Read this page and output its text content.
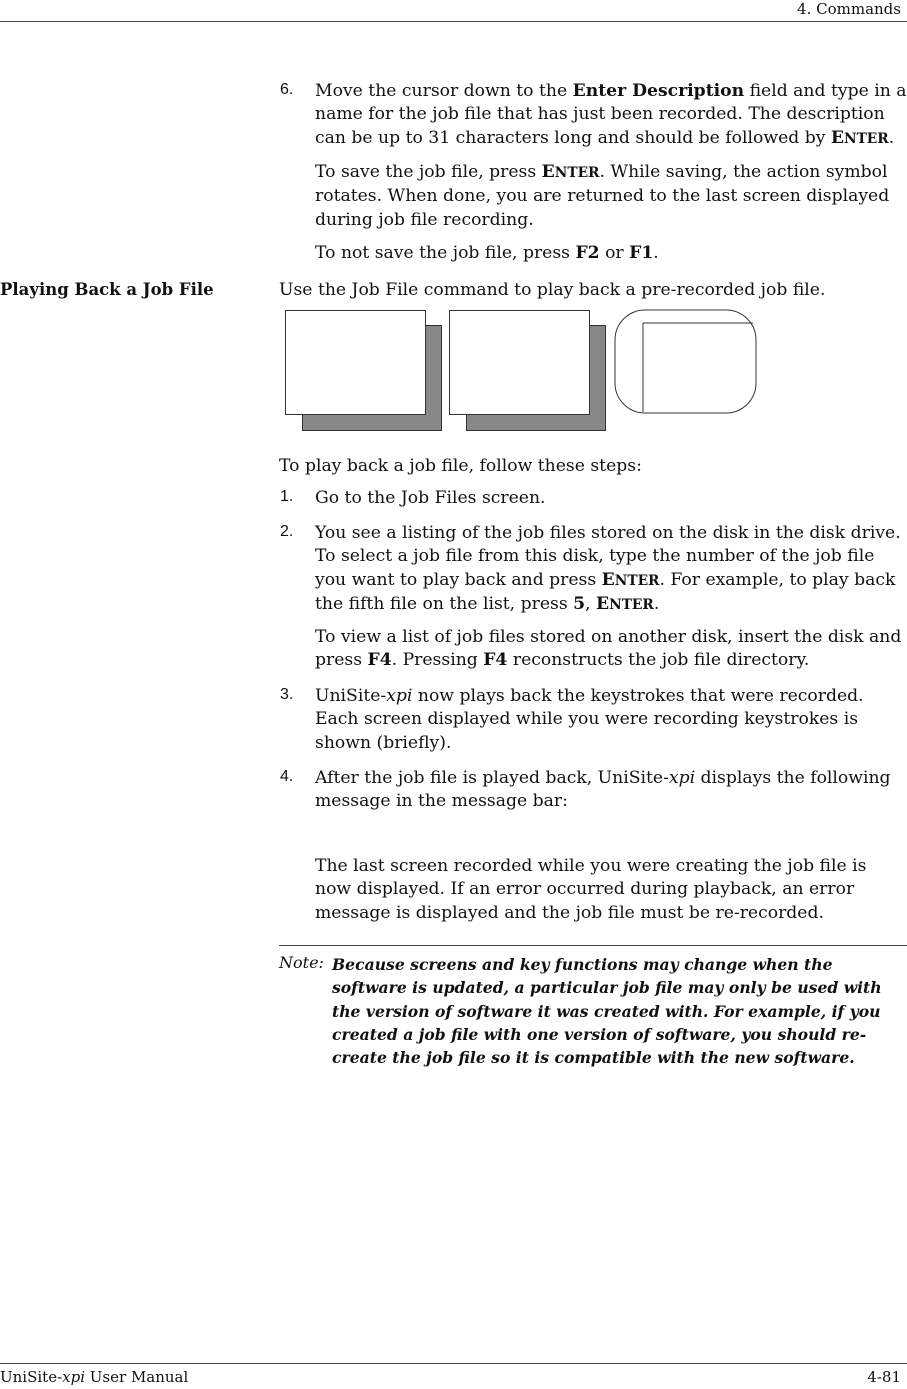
4. Commands
6.	Move the cursor down to the Enter Description field and type in a name for the job file that has just been recorded. The description can be up to 31 characters long and should be followed by ENTER.
To save the job file, press ENTER. While saving, the action symbol rotates. When done, you are returned to the last screen displayed during job file recording.
To not save the job file, press F2 or F1.
Playing Back a Job File	Use the Job File command to play back a pre-recorded job file.
To play back a job file, follow these steps:
1.	Go to the Job Files screen.
2.	You see a listing of the job files stored on the disk in the disk drive. To select a job file from this disk, type the number of the job file you want to play back and press ENTER. For example, to play back the fifth file on the list, press 5, ENTER.
To view a list of job files stored on another disk, insert the disk and press F4. Pressing F4 reconstructs the job file directory.
3.	UniSite-xpi now plays back the keystrokes that were recorded. Each screen displayed while you were recording keystrokes is shown (briefly).
4.	After the job file is played back, UniSite-xpi displays the following message in the message bar:
The last screen recorded while you were creating the job file is now displayed. If an error occurred during playback, an error message is displayed and the job file must be re-recorded.
Note: Because screens and key functions may change when the software is updated, a particular job file may only be used with the version of software it was created with. For example, if you created a job file with one version of software, you should re-create the job file so it is compatible with the new software.
UniSite-xpi User Manual	4-81
